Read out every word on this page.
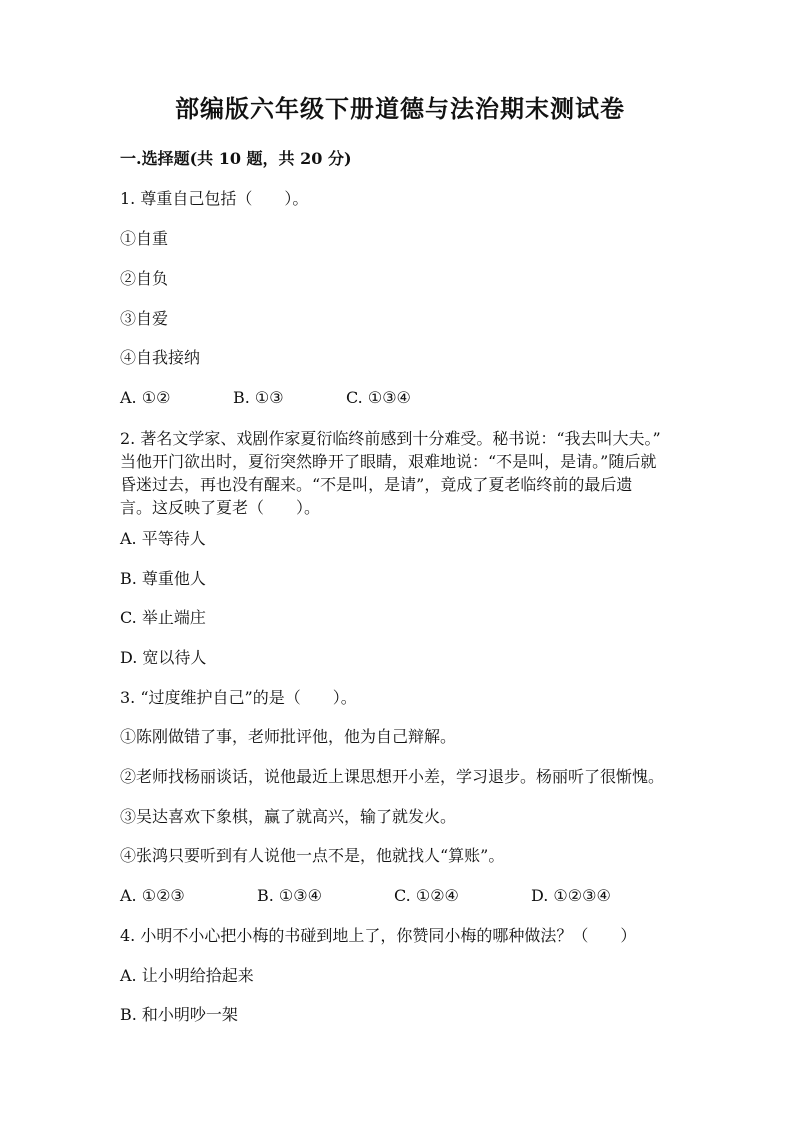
部编版六年级下册道德与法治期末测试卷
一.选择题(共 10 题，共 20 分)
1. 尊重自己包括（　　）。
①自重
②自负
③自爱
④自我接纳
A. ①②	B. ①③	C. ①③④
2. 著名文学家、戏剧作家夏衍临终前感到十分难受。秘书说：“我去叫大夫。”
当他开门欲出时，夏衍突然睁开了眼睛，艰难地说：“不是叫，是请。”随后就
昏迷过去，再也没有醒来。“不是叫，是请”，竟成了夏老临终前的最后遗
言。这反映了夏老（　　）。
A. 平等待人
B. 尊重他人
C. 举止端庄
D. 宽以待人
3. “过度维护自己”的是（　　）。
①陈刚做错了事，老师批评他，他为自己辩解。
②老师找杨丽谈话，说他最近上课思想开小差，学习退步。杨丽听了很惭愧。
③吴达喜欢下象棋，赢了就高兴，输了就发火。
④张鸿只要听到有人说他一点不是，他就找人“算账”。
A. ①②③	B. ①③④	C. ①②④	D. ①②③④
4. 小明不小心把小梅的书碰到地上了，你赞同小梅的哪种做法？（　　）
A. 让小明给拾起来
B. 和小明吵一架
